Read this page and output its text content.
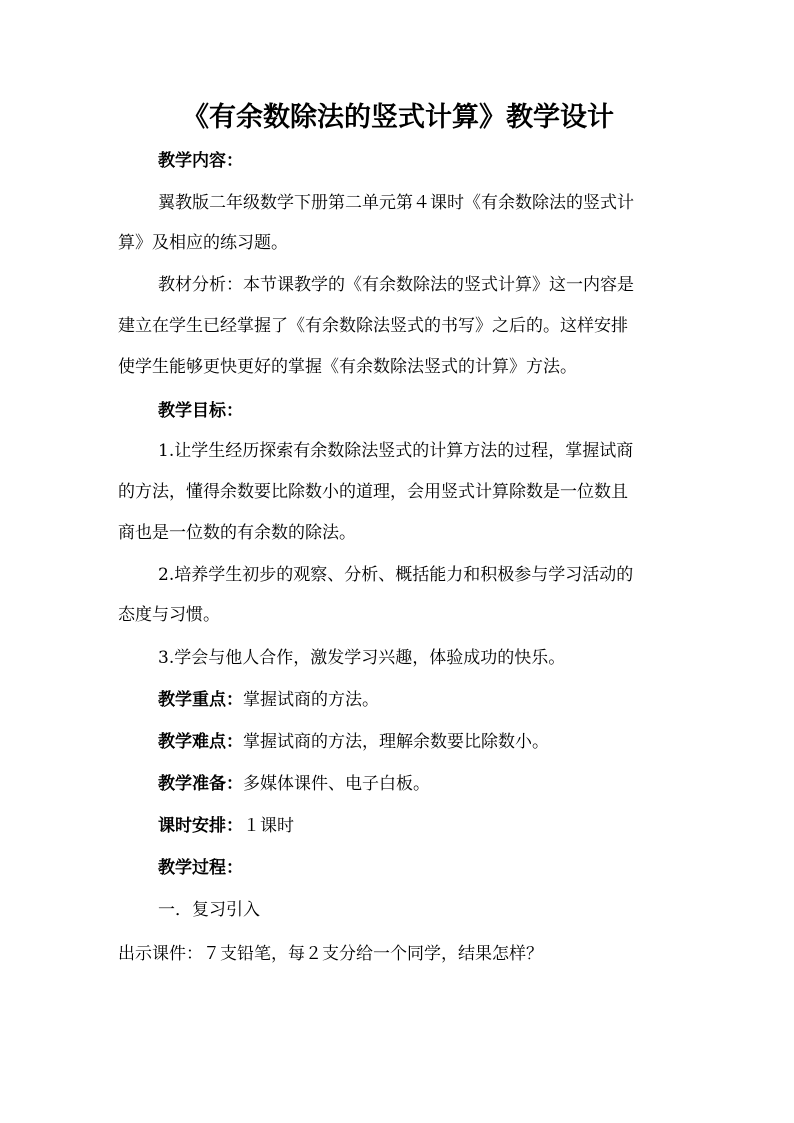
《有余数除法的竖式计算》教学设计
教学内容：
翼教版二年级数学下册第二单元第４课时《有余数除法的竖式计
算》及相应的练习题。
教材分析：本节课教学的《有余数除法的竖式计算》这一内容是
建立在学生已经掌握了《有余数除法竖式的书写》之后的。这样安排
使学生能够更快更好的掌握《有余数除法竖式的计算》方法。
教学目标：
1.让学生经历探索有余数除法竖式的计算方法的过程，掌握试商
的方法，懂得余数要比除数小的道理，会用竖式计算除数是一位数且
商也是一位数的有余数的除法。
2.培养学生初步的观察、分析、概括能力和积极参与学习活动的
态度与习惯。
3.学会与他人合作，激发学习兴趣，体验成功的快乐。
教学重点：掌握试商的方法。
教学难点：掌握试商的方法，理解余数要比除数小。
教学准备：多媒体课件、电子白板。
课时安排：１课时
教学过程：
一．复习引入
出示课件：７支铅笔，每２支分给一个同学，结果怎样？
